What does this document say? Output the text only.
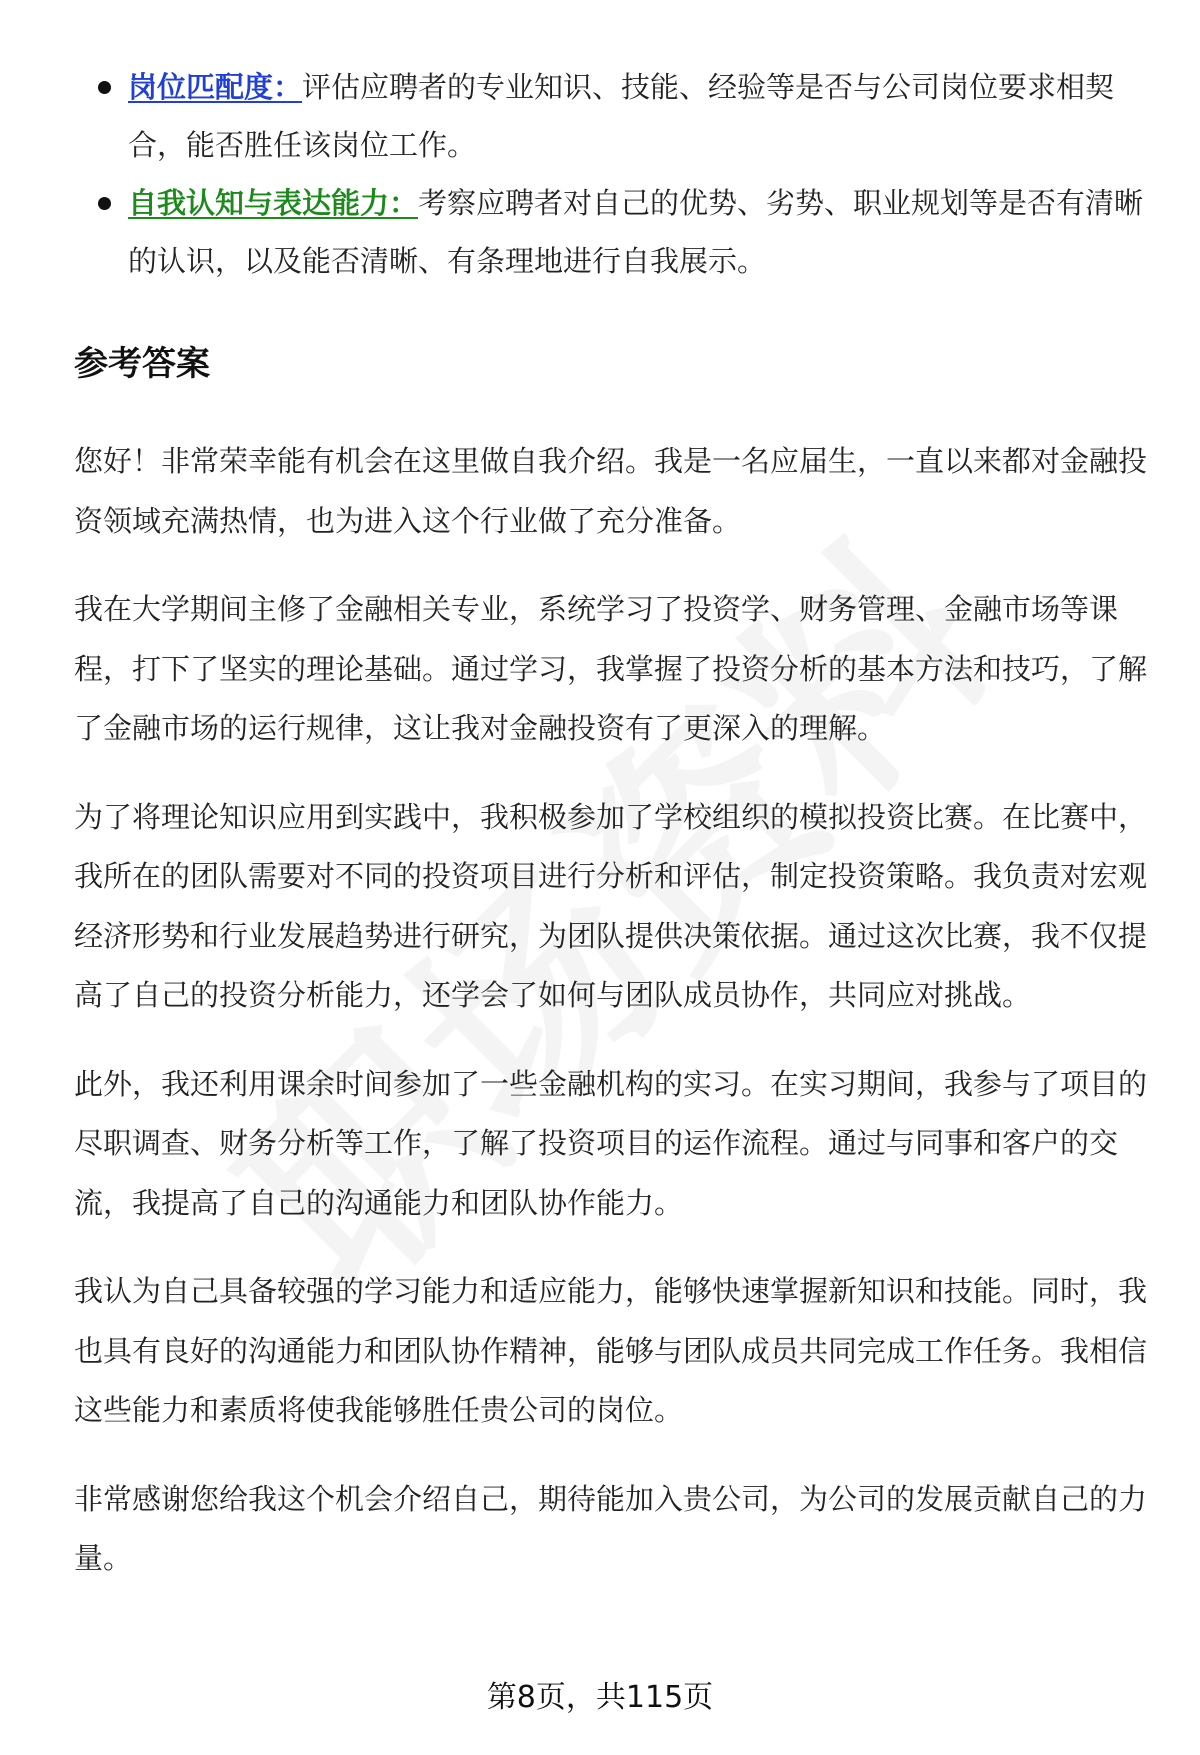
岗位匹配度：评估应聘者的专业知识、技能、经验等是否与公司岗位要求相契合，能否胜任该岗位工作。
自我认知与表达能力：考察应聘者对自己的优势、劣势、职业规划等是否有清晰的认识，以及能否清晰、有条理地进行自我展示。
参考答案

您好！非常荣幸能有机会在这里做自我介绍。我是一名应届生，一直以来都对金融投资领域充满热情，也为进入这个行业做了充分准备。

我在大学期间主修了金融相关专业，系统学习了投资学、财务管理、金融市场等课程，打下了坚实的理论基础。通过学习，我掌握了投资分析的基本方法和技巧，了解了金融市场的运行规律，这让我对金融投资有了更深入的理解。

为了将理论知识应用到实践中，我积极参加了学校组织的模拟投资比赛。在比赛中，我所在的团队需要对不同的投资项目进行分析和评估，制定投资策略。我负责对宏观经济形势和行业发展趋势进行研究，为团队提供决策依据。通过这次比赛，我不仅提高了自己的投资分析能力，还学会了如何与团队成员协作，共同应对挑战。

此外，我还利用课余时间参加了一些金融机构的实习。在实习期间，我参与了项目的尽职调查、财务分析等工作，了解了投资项目的运作流程。通过与同事和客户的交流，我提高了自己的沟通能力和团队协作能力。

我认为自己具备较强的学习能力和适应能力，能够快速掌握新知识和技能。同时，我也具有良好的沟通能力和团队协作精神，能够与团队成员共同完成工作任务。我相信这些能力和素质将使我能够胜任贵公司的岗位。

非常感谢您给我这个机会介绍自己，期待能加入贵公司，为公司的发展贡献自己的力量。

第8页，共115页
